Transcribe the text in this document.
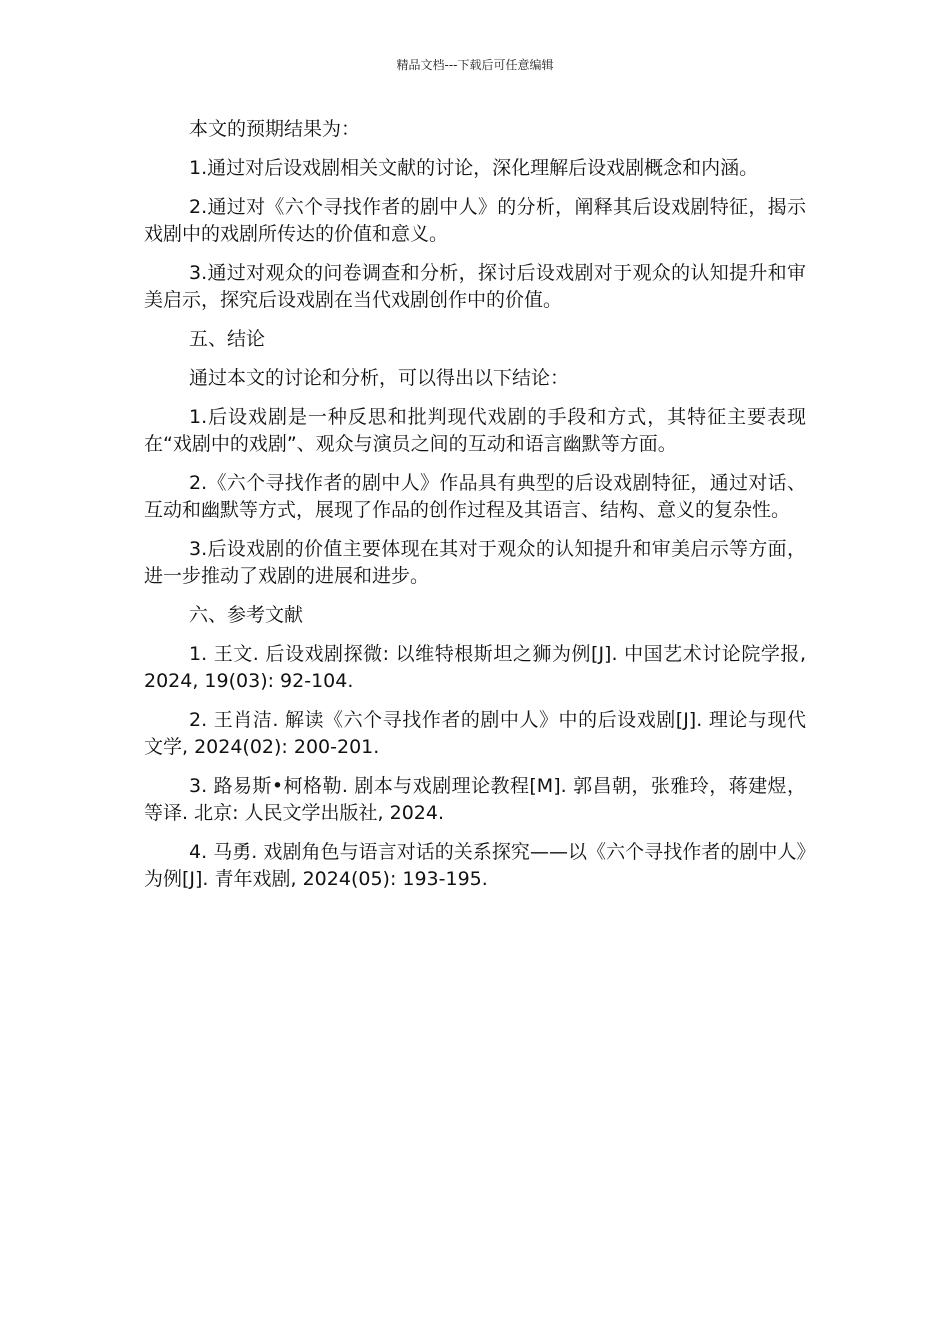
精品文档---下载后可任意编辑

本文的预期结果为：

1.通过对后设戏剧相关文献的讨论，深化理解后设戏剧概念和内涵。

2.通过对《六个寻找作者的剧中人》的分析，阐释其后设戏剧特征，揭示戏剧中的戏剧所传达的价值和意义。

3.通过对观众的问卷调查和分析，探讨后设戏剧对于观众的认知提升和审美启示，探究后设戏剧在当代戏剧创作中的价值。

五、结论

通过本文的讨论和分析，可以得出以下结论：

1.后设戏剧是一种反思和批判现代戏剧的手段和方式，其特征主要表现在“戏剧中的戏剧”、观众与演员之间的互动和语言幽默等方面。

2.《六个寻找作者的剧中人》作品具有典型的后设戏剧特征，通过对话、互动和幽默等方式，展现了作品的创作过程及其语言、结构、意义的复杂性。

3.后设戏剧的价值主要体现在其对于观众的认知提升和审美启示等方面，进一步推动了戏剧的进展和进步。

六、参考文献

1. 王文. 后设戏剧探微: 以维特根斯坦之狮为例[J]. 中国艺术讨论院学报, 2024, 19(03): 92-104.

2. 王肖洁. 解读《六个寻找作者的剧中人》中的后设戏剧[J]. 理论与现代文学, 2024(02): 200-201.

3. 路易斯•柯格勒. 剧本与戏剧理论教程[M]. 郭昌朝，张雅玲，蒋建煜，等译. 北京: 人民文学出版社, 2024.

4. 马勇. 戏剧角色与语言对话的关系探究——以《六个寻找作者的剧中人》为例[J]. 青年戏剧, 2024(05): 193-195.
